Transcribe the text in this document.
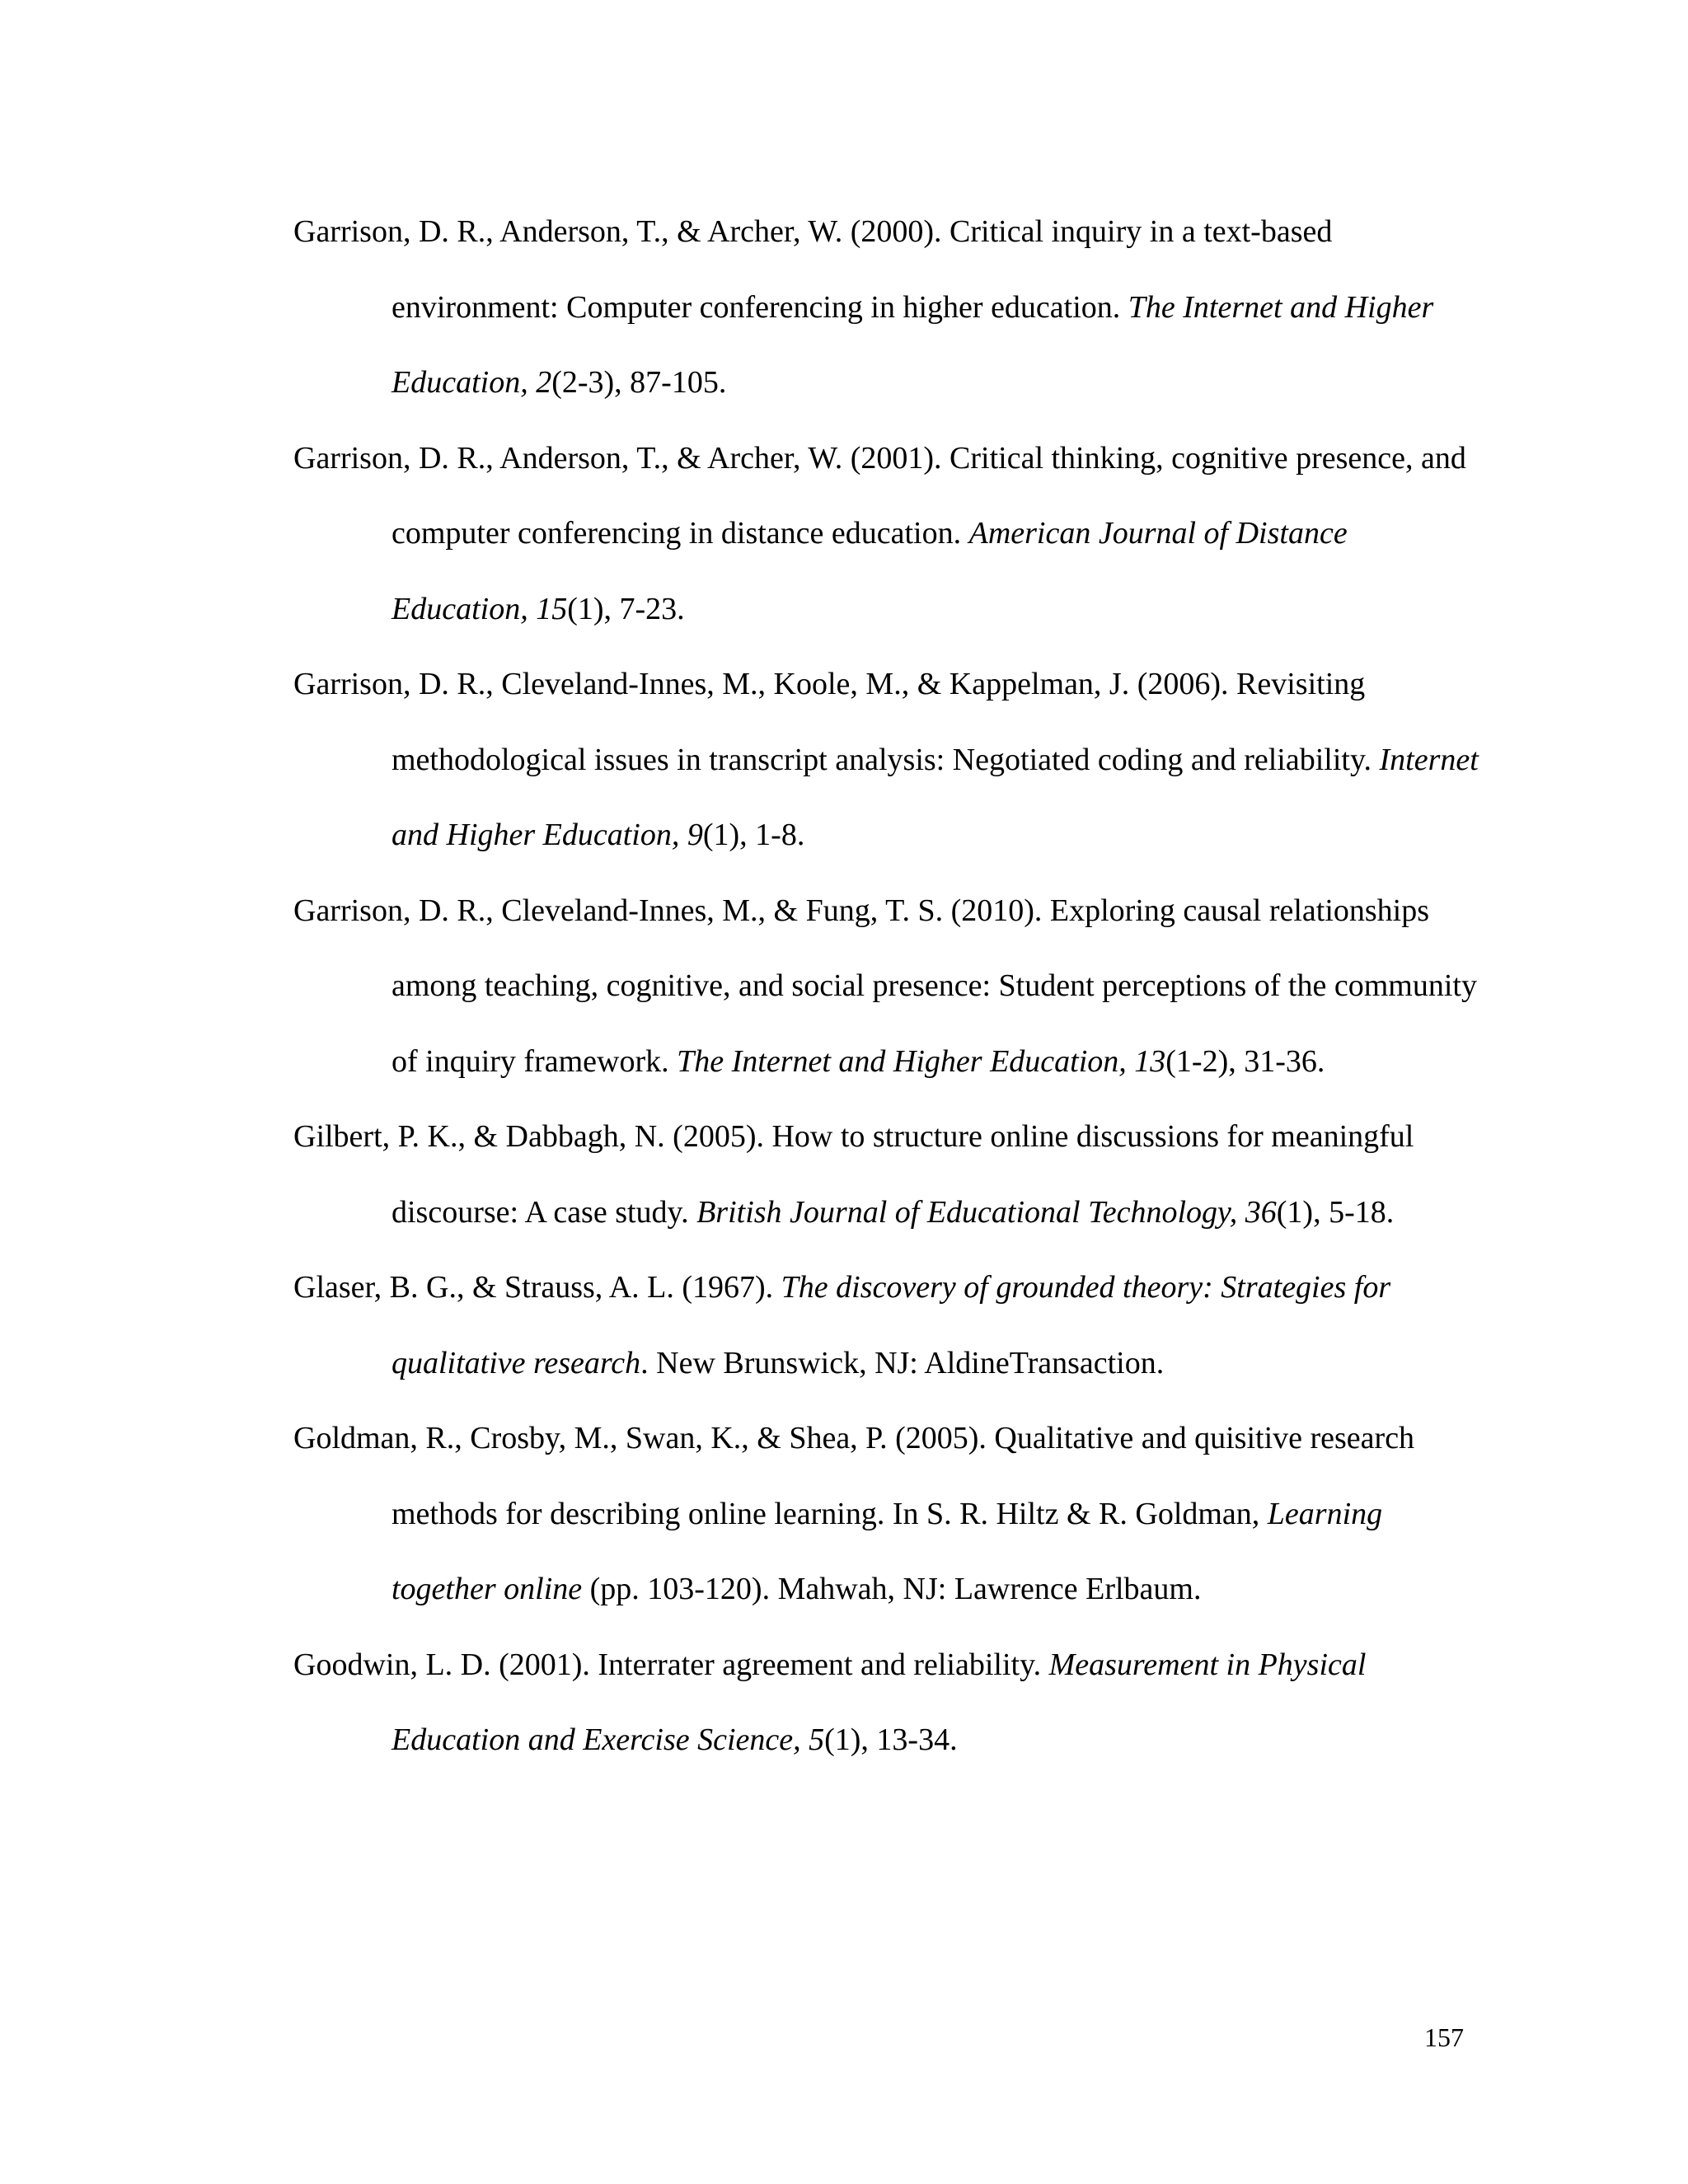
Garrison, D. R., Anderson, T., & Archer, W. (2000). Critical inquiry in a text-based environment: Computer conferencing in higher education. The Internet and Higher Education, 2(2-3), 87-105.
Garrison, D. R., Anderson, T., & Archer, W. (2001). Critical thinking, cognitive presence, and computer conferencing in distance education. American Journal of Distance Education, 15(1), 7-23.
Garrison, D. R., Cleveland-Innes, M., Koole, M., & Kappelman, J. (2006). Revisiting methodological issues in transcript analysis: Negotiated coding and reliability. Internet and Higher Education, 9(1), 1-8.
Garrison, D. R., Cleveland-Innes, M., & Fung, T. S. (2010). Exploring causal relationships among teaching, cognitive, and social presence: Student perceptions of the community of inquiry framework. The Internet and Higher Education, 13(1-2), 31-36.
Gilbert, P. K., & Dabbagh, N. (2005). How to structure online discussions for meaningful discourse: A case study. British Journal of Educational Technology, 36(1), 5-18.
Glaser, B. G., & Strauss, A. L. (1967). The discovery of grounded theory: Strategies for qualitative research. New Brunswick, NJ: AldineTransaction.
Goldman, R., Crosby, M., Swan, K., & Shea, P. (2005). Qualitative and quisitive research methods for describing online learning. In S. R. Hiltz & R. Goldman, Learning together online (pp. 103-120). Mahwah, NJ: Lawrence Erlbaum.
Goodwin, L. D. (2001). Interrater agreement and reliability. Measurement in Physical Education and Exercise Science, 5(1), 13-34.
157
